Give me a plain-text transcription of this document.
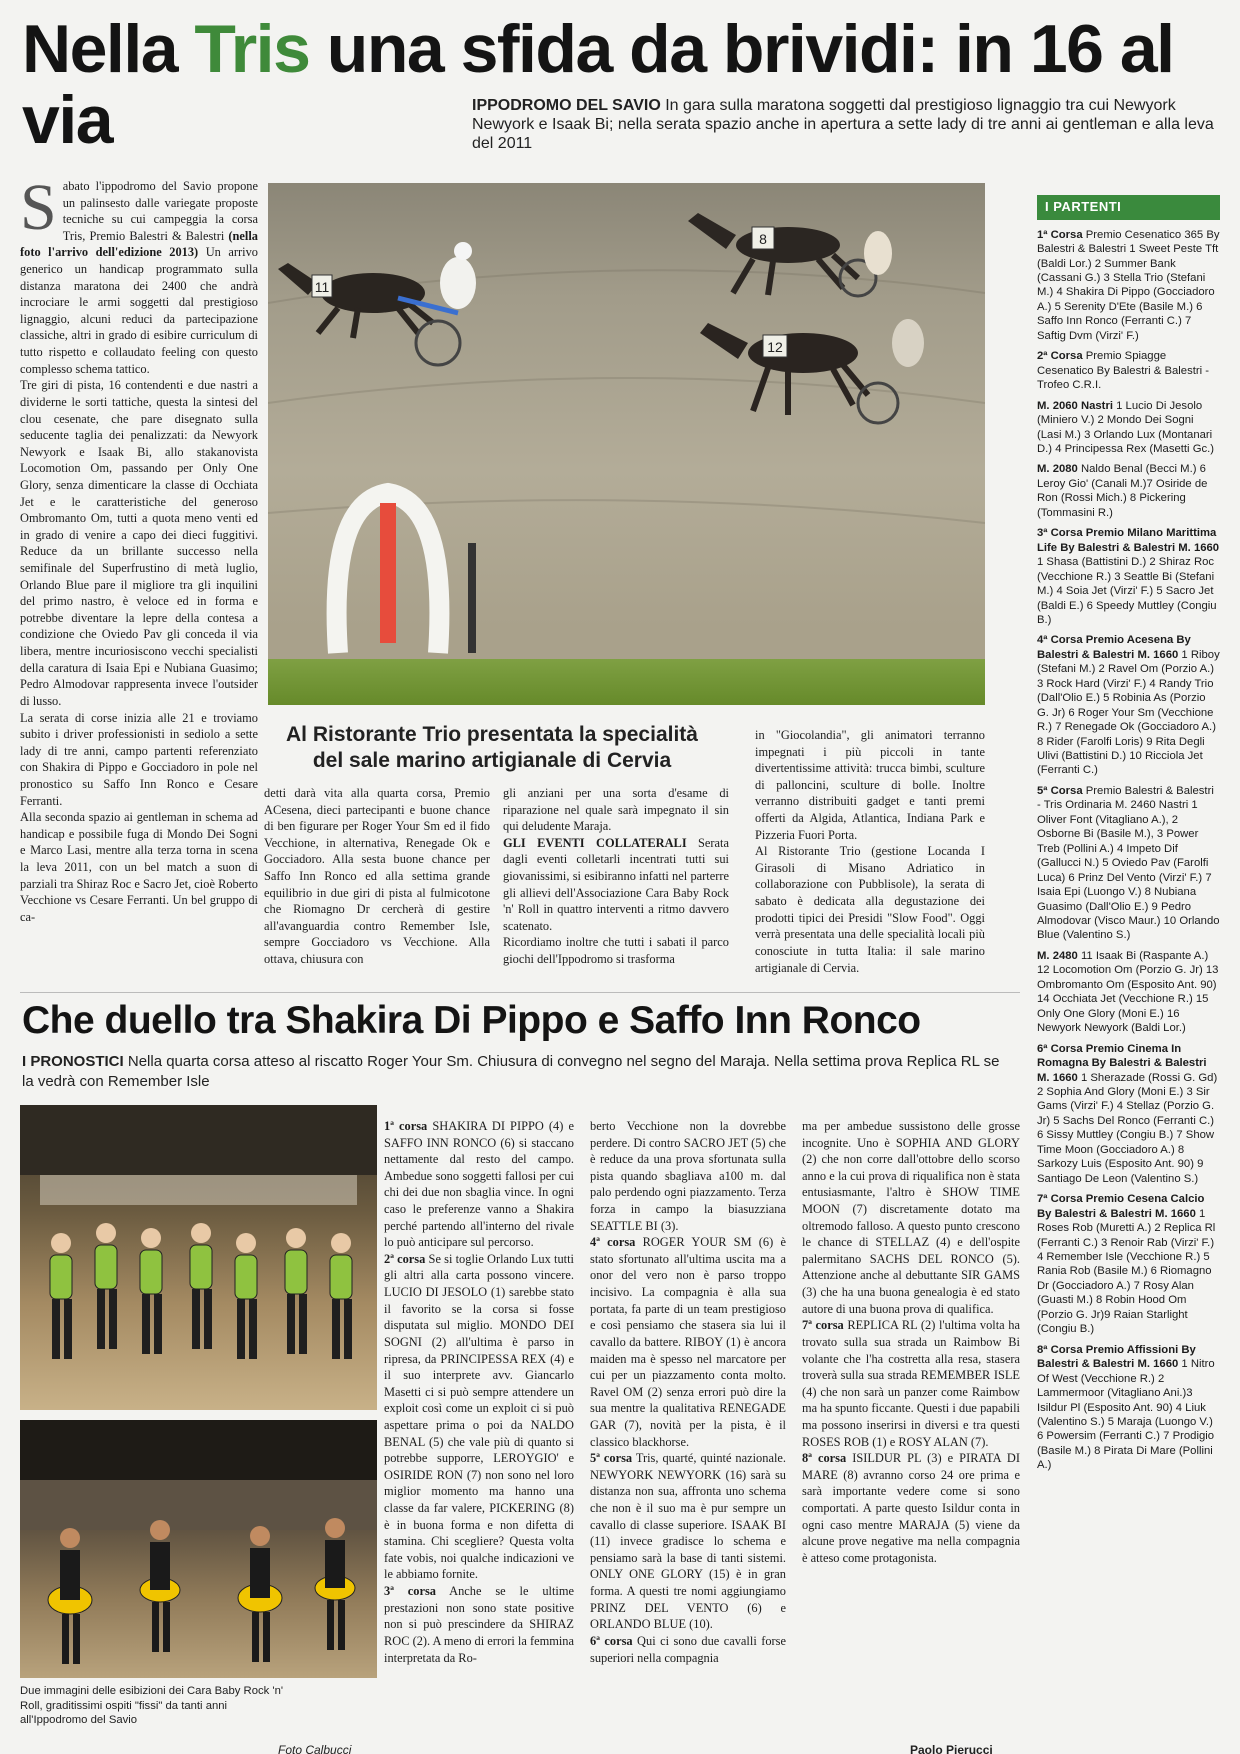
Nella Tris una sfida da brividi: in 16 al via	IPPODROMO DEL SAVIO In gara sulla maratona soggetti dal prestigioso lignaggio tra cui Newyork Newyork e Isaak Bi; nella serata spazio anche in apertura a sette lady di tre anni ai gentleman e alla leva del 2011
S abato l'ippodromo del Savio propone un palinsesto dalle variegate proposte tecniche su cui campeggia la corsa Tris, Premio Balestri & Balestri (nella foto l'arrivo dell'edizione 2013) Un arrivo generico un handicap programmato sulla distanza maratona dei 2400 che andrà incrociare le armi soggetti dal prestigioso lignaggio, alcuni reduci da partecipazione classiche, altri in grado di esibire curriculum di tutto rispetto e collaudato feeling con questo complesso schema tattico.

Tre giri di pista, 16 contendenti e due nastri a dividerne le sorti tattiche, questa la sintesi del clou cesenate, che pare disegnato sulla seducente taglia dei penalizzati: da Newyork Newyork e Isaak Bi, allo stakanovista Locomotion Om, passando per Only One Glory, senza dimenticare la classe di Occhiata Jet e le caratteristiche del generoso Ombromanto Om, tutti a quota meno venti ed in grado di venire a capo dei dieci fuggitivi. Reduce da un brillante successo nella semifinale del Superfrustino di metà luglio, Orlando Blue pare il migliore tra gli inquilini del primo nastro, è veloce ed in forma e potrebbe diventare la lepre della contesa a condizione che Oviedo Pav gli conceda il via libera, mentre incuriosiscono vecchi specialisti della caratura di Isaia Epi e Nubiana Guasimo; Pedro Almodovar rappresenta invece l'outsider di lusso.

La serata di corse inizia alle 21 e troviamo subito i driver professionisti in sediolo a sette lady di tre anni, campo partenti referenziato con Shakira di Pippo e Gocciadoro in pole nel pronostico su Saffo Inn Ronco e Cesare Ferranti.

Alla seconda spazio ai gentleman in schema ad handicap e possibile fuga di Mondo Dei Sogni e Marco Lasi, mentre alla terza torna in scena la leva 2011, con un bel match a suon di parziali tra Shiraz Roc e Sacro Jet, cioè Roberto Vecchione vs Cesare Ferranti. Un bel gruppo di ca-

11
8
12
Al Ristorante Trio presentata la specialità del sale marino artigianale di Cervia
detti darà vita alla quarta corsa, Premio ACesena, dieci partecipanti e buone chance di ben figurare per Roger Your Sm ed il fido Vecchione, in alternativa, Renegade Ok e Gocciadoro. Alla sesta buone chance per Saffo Inn Ronco ed alla settima grande equilibrio in due giri di pista al fulmicotone che Riomagno Dr cercherà di gestire all'avanguardia contro Remember Isle, sempre Gocciadoro vs Vecchione. Alla ottava, chiusura con
gli anziani per una sorta d'esame di riparazione nel quale sarà impegnato il sin qui deludente Maraja.
GLI EVENTI COLLATERALI Serata dagli eventi colletarli incentrati tutti sui giovanissimi, si esibiranno infatti nel parterre gli allievi dell'Associazione Cara Baby Rock 'n' Roll in quattro interventi a ritmo davvero scatenato.
Ricordiamo inoltre che tutti i sabati il parco giochi dell'Ippodromo si trasforma

in "Giocolandia", gli animatori terranno impegnati i più piccoli in tante divertentissime attività: trucca bimbi, sculture di palloncini, sculture di bolle. Inoltre verranno distribuiti gadget e tanti premi offerti da Algida, Atlantica, Indiana Park e Pizzeria Fuori Porta.

Al Ristorante Trio (gestione Locanda I Girasoli di Misano Adriatico in collaborazione con Pubblisole), la serata di sabato è dedicata alla degustazione dei prodotti tipici dei Presidi "Slow Food". Oggi verrà presentata una delle specialità locali più conosciute in tutta Italia: il sale marino artigianale di Cervia.

I PARTENTI
1ª Corsa Premio Cesenatico 365 By Balestri & Balestri 1 Sweet Peste Tft (Baldi Lor.) 2 Summer Bank (Cassani G.) 3 Stella Trio (Stefani M.) 4 Shakira Di Pippo (Gocciadoro A.) 5 Serenity D'Ete (Basile M.) 6 Saffo Inn Ronco (Ferranti C.) 7 Saftig Dvm (Virzi' F.)
2ª Corsa Premio Spiagge Cesenatico By Balestri & Balestri - Trofeo C.R.I.
M. 2060 Nastri 1 Lucio Di Jesolo (Miniero V.) 2 Mondo Dei Sogni (Lasi M.) 3 Orlando Lux (Montanari D.) 4 Principessa Rex (Masetti Gc.)
M. 2080 Naldo Benal (Becci M.) 6 Leroy Gio' (Canali M.)7 Osiride de Ron (Rossi Mich.) 8 Pickering (Tommasini R.)
3ª Corsa Premio Milano Marittima Life By Balestri & Balestri M. 1660 1 Shasa (Battistini D.) 2 Shiraz Roc (Vecchione R.) 3 Seattle Bi (Stefani M.) 4 Soia Jet (Virzi' F.) 5 Sacro Jet (Baldi E.) 6 Speedy Muttley (Congiu B.)
4ª Corsa Premio Acesena By Balestri & Balestri M. 1660 1 Riboy (Stefani M.) 2 Ravel Om (Porzio A.) 3 Rock Hard (Virzi' F.) 4 Randy Trio (Dall'Olio E.) 5 Robinia As (Porzio G. Jr) 6 Roger Your Sm (Vecchione R.) 7 Renegade Ok (Gocciadoro A.) 8 Rider (Farolfi Loris) 9 Rita Degli Ulivi (Battistini D.) 10 Ricciola Jet (Ferranti C.)
5ª Corsa Premio Balestri & Balestri - Tris Ordinaria M. 2460 Nastri 1 Oliver Font (Vitagliano A.), 2 Osborne Bi (Basile M.), 3 Power Treb (Pollini A.) 4 Impeto Dif (Gallucci N.) 5 Oviedo Pav (Farolfi Luca) 6 Prinz Del Vento (Virzi' F.) 7 Isaia Epi (Luongo V.) 8 Nubiana Guasimo (Dall'Olio E.) 9 Pedro Almodovar (Visco Maur.) 10 Orlando Blue (Valentino S.)
M. 2480 11 Isaak Bi (Raspante A.) 12 Locomotion Om (Porzio G. Jr) 13 Ombromanto Om (Esposito Ant. 90) 14 Occhiata Jet (Vecchione R.) 15 Only One Glory (Moni E.) 16 Newyork Newyork (Baldi Lor.)
6ª Corsa Premio Cinema In Romagna By Balestri & Balestri M. 1660 1 Sherazade (Rossi G. Gd) 2 Sophia And Glory (Moni E.) 3 Sir Gams (Virzi' F.) 4 Stellaz (Porzio G. Jr) 5 Sachs Del Ronco (Ferranti C.) 6 Sissy Muttley (Congiu B.) 7 Show Time Moon (Gocciadoro A.) 8 Sarkozy Luis (Esposito Ant. 90) 9 Santiago De Leon (Valentino S.)
7ª Corsa Premio Cesena Calcio By Balestri & Balestri M. 1660 1 Roses Rob (Muretti A.) 2 Replica Rl (Ferranti C.) 3 Renoir Rab (Virzi' F.) 4 Remember Isle (Vecchione R.) 5 Rania Rob (Basile M.) 6 Riomagno Dr (Gocciadoro A.) 7 Rosy Alan (Guasti M.) 8 Robin Hood Om (Porzio G. Jr)9 Raian Starlight (Congiu B.)
8ª Corsa Premio Affissioni By Balestri & Balestri M. 1660 1 Nitro Of West (Vecchione R.) 2 Lammermoor (Vitagliano Ani.)3 Isildur Pl (Esposito Ant. 90) 4 Liuk (Valentino S.) 5 Maraja (Luongo V.) 6 Powersim (Ferranti C.) 7 Prodigio (Basile M.) 8 Pirata Di Mare (Pollini A.)
Che duello tra Shakira Di Pippo e Saffo Inn Ronco
I PRONOSTICI Nella quarta corsa atteso al riscatto Roger Your Sm. Chiusura di convegno nel segno del Maraja. Nella settima prova Replica RL se la vedrà con Remember Isle
Due immagini delle esibizioni dei Cara Baby Rock 'n' Roll, graditissimi ospiti "fissi" da tanti anni all'Ippodromo del Savio
Foto Calbucci

1ª corsa SHAKIRA DI PIPPO (4) e SAFFO INN RONCO (6) si staccano nettamente dal resto del campo. Ambedue sono soggetti fallosi per cui chi dei due non sbaglia vince. In ogni caso le preferenze vanno a Shakira perché partendo all'interno del rivale lo può anticipare sul percorso.

2ª corsa Se si toglie Orlando Lux tutti gli altri alla carta possono vincere. LUCIO DI JESOLO (1) sarebbe stato il favorito se la corsa si fosse disputata sul miglio. MONDO DEI SOGNI (2) all'ultima è parso in ripresa, da PRINCIPESSA REX (4) e il suo interprete avv. Giancarlo Masetti ci si può sempre attendere un exploit così come un exploit ci si può aspettare prima o poi da NALDO BENAL (5) che vale più di quanto si potrebbe supporre, LEROYGIO' e OSIRIDE RON (7) non sono nel loro miglior momento ma hanno una classe da far valere, PICKERING (8) è in buona forma e non difetta di stamina. Chi scegliere? Questa volta fate vobis, noi qualche indicazioni ve le abbiamo fornite.

3ª corsa Anche se le ultime prestazioni non sono state positive non si può prescindere da SHIRAZ ROC (2). A meno di errori la femmina interpretata da Ro-

berto Vecchione non la dovrebbe perdere. Di contro SACRO JET (5) che è reduce da una prova sfortunata sulla pista quando sbagliava a100 m. dal palo perdendo ogni piazzamento. Terza forza in campo la biasuzziana SEATTLE BI (3).

4ª corsa ROGER YOUR SM (6) è stato sfortunato all'ultima uscita ma a onor del vero non è parso troppo incisivo. La compagnia è alla sua portata, fa parte di un team prestigioso e così pensiamo che stasera sia lui il cavallo da battere. RIBOY (1) è ancora maiden ma è spesso nel marcatore per cui per un piazzamento conta molto. Ravel OM (2) senza errori può dire la sua mentre la qualitativa RENEGADE GAR (7), novità per la pista, è il classico blackhorse.

5ª corsa Tris, quarté, quinté nazionale. NEWYORK NEWYORK (16) sarà su distanza non sua, affronta uno schema che non è il suo ma è pur sempre un cavallo di classe superiore. ISAAK BI (11) invece gradisce lo schema e pensiamo sarà la base di tanti sistemi. ONLY ONE GLORY (15) è in gran forma. A questi tre nomi aggiungiamo PRINZ DEL VENTO (6) e ORLANDO BLUE (10).

6ª corsa Qui ci sono due cavalli forse superiori nella compagnia

ma per ambedue sussistono delle grosse incognite. Uno è SOPHIA AND GLORY (2) che non corre dall'ottobre dello scorso anno e la cui prova di riqualifica non è stata entusiasmante, l'altro è SHOW TIME MOON (7) discretamente dotato ma oltremodo falloso. A questo punto crescono le chance di STELLAZ (4) e dell'ospite palermitano SACHS DEL RONCO (5). Attenzione anche al debuttante SIR GAMS (3) che ha una buona genealogia è ed stato autore di una buona prova di qualifica.

7ª corsa REPLICA RL (2) l'ultima volta ha trovato sulla sua strada un Raimbow Bi volante che l'ha costretta alla resa, stasera troverà sulla sua strada REMEMBER ISLE (4) che non sarà un panzer come Raimbow ma ha spunto ficcante. Questi i due papabili ma possono inserirsi in diversi e tra questi ROSES ROB (1) e ROSY ALAN (7).

8ª corsa ISILDUR PL (3) e PIRATA DI MARE (8) avranno corso 24 ore prima e sarà importante vedere come si sono comportati. A parte questo Isildur conta in ogni caso mentre MARAJA (5) viene da alcune prove negative ma nella compagnia è atteso come protagonista.

Paolo Pierucci
